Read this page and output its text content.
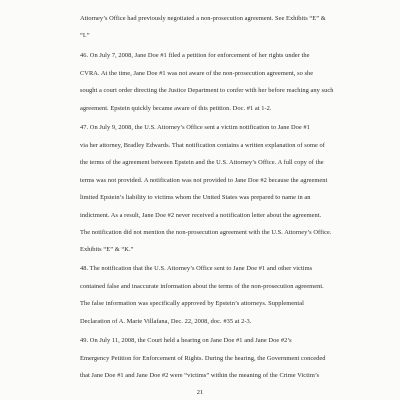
Attorney’s Office had previously negotiated a non-prosecution agreement. See Exhibits “E” &

“I.”

46. On July 7, 2008, Jane Doe #1 filed a petition for enforcement of her rights under the

CVRA. At the time, Jane Doe #1 was not aware of the non-prosecution agreement, so she

sought a court order directing the Justice Department to confer with her before reaching any such

agreement. Epstein quickly became aware of this petition. Doc. #1 at 1-2.

47. On July 9, 2008, the U.S. Attorney’s Office sent a victim notification to Jane Doe #1

via her attorney, Bradley Edwards. That notification contains a written explanation of some of

the terms of the agreement between Epstein and the U.S. Attorney’s Office. A full copy of the

terms was not provided. A notification was not provided to Jane Doe #2 because the agreement

limited Epstein’s liability to victims whom the United States was prepared to name in an

indictment. As a result, Jane Doe #2 never received a notification letter about the agreement.

The notification did not mention the non-prosecution agreement with the U.S. Attorney’s Office.

Exhibits “E” & “K.”

48. The notification that the U.S. Attorney’s Office sent to Jane Doe #1 and other victims

contained false and inaccurate information about the terms of the non-prosecution agreement.

The false information was specifically approved by Epstein’s attorneys. Supplemental

Declaration of A. Marie Villafana, Dec. 22, 2008, doc. #35 at 2-3.

49. On July 11, 2008, the Court held a hearing on Jane Doe #1 and Jane Doe #2’s

Emergency Petition for Enforcement of Rights. During the hearing, the Government conceded

that Jane Doe #1 and Jane Doe #2 were “victims” within the meaning of the Crime Victim’s

21
